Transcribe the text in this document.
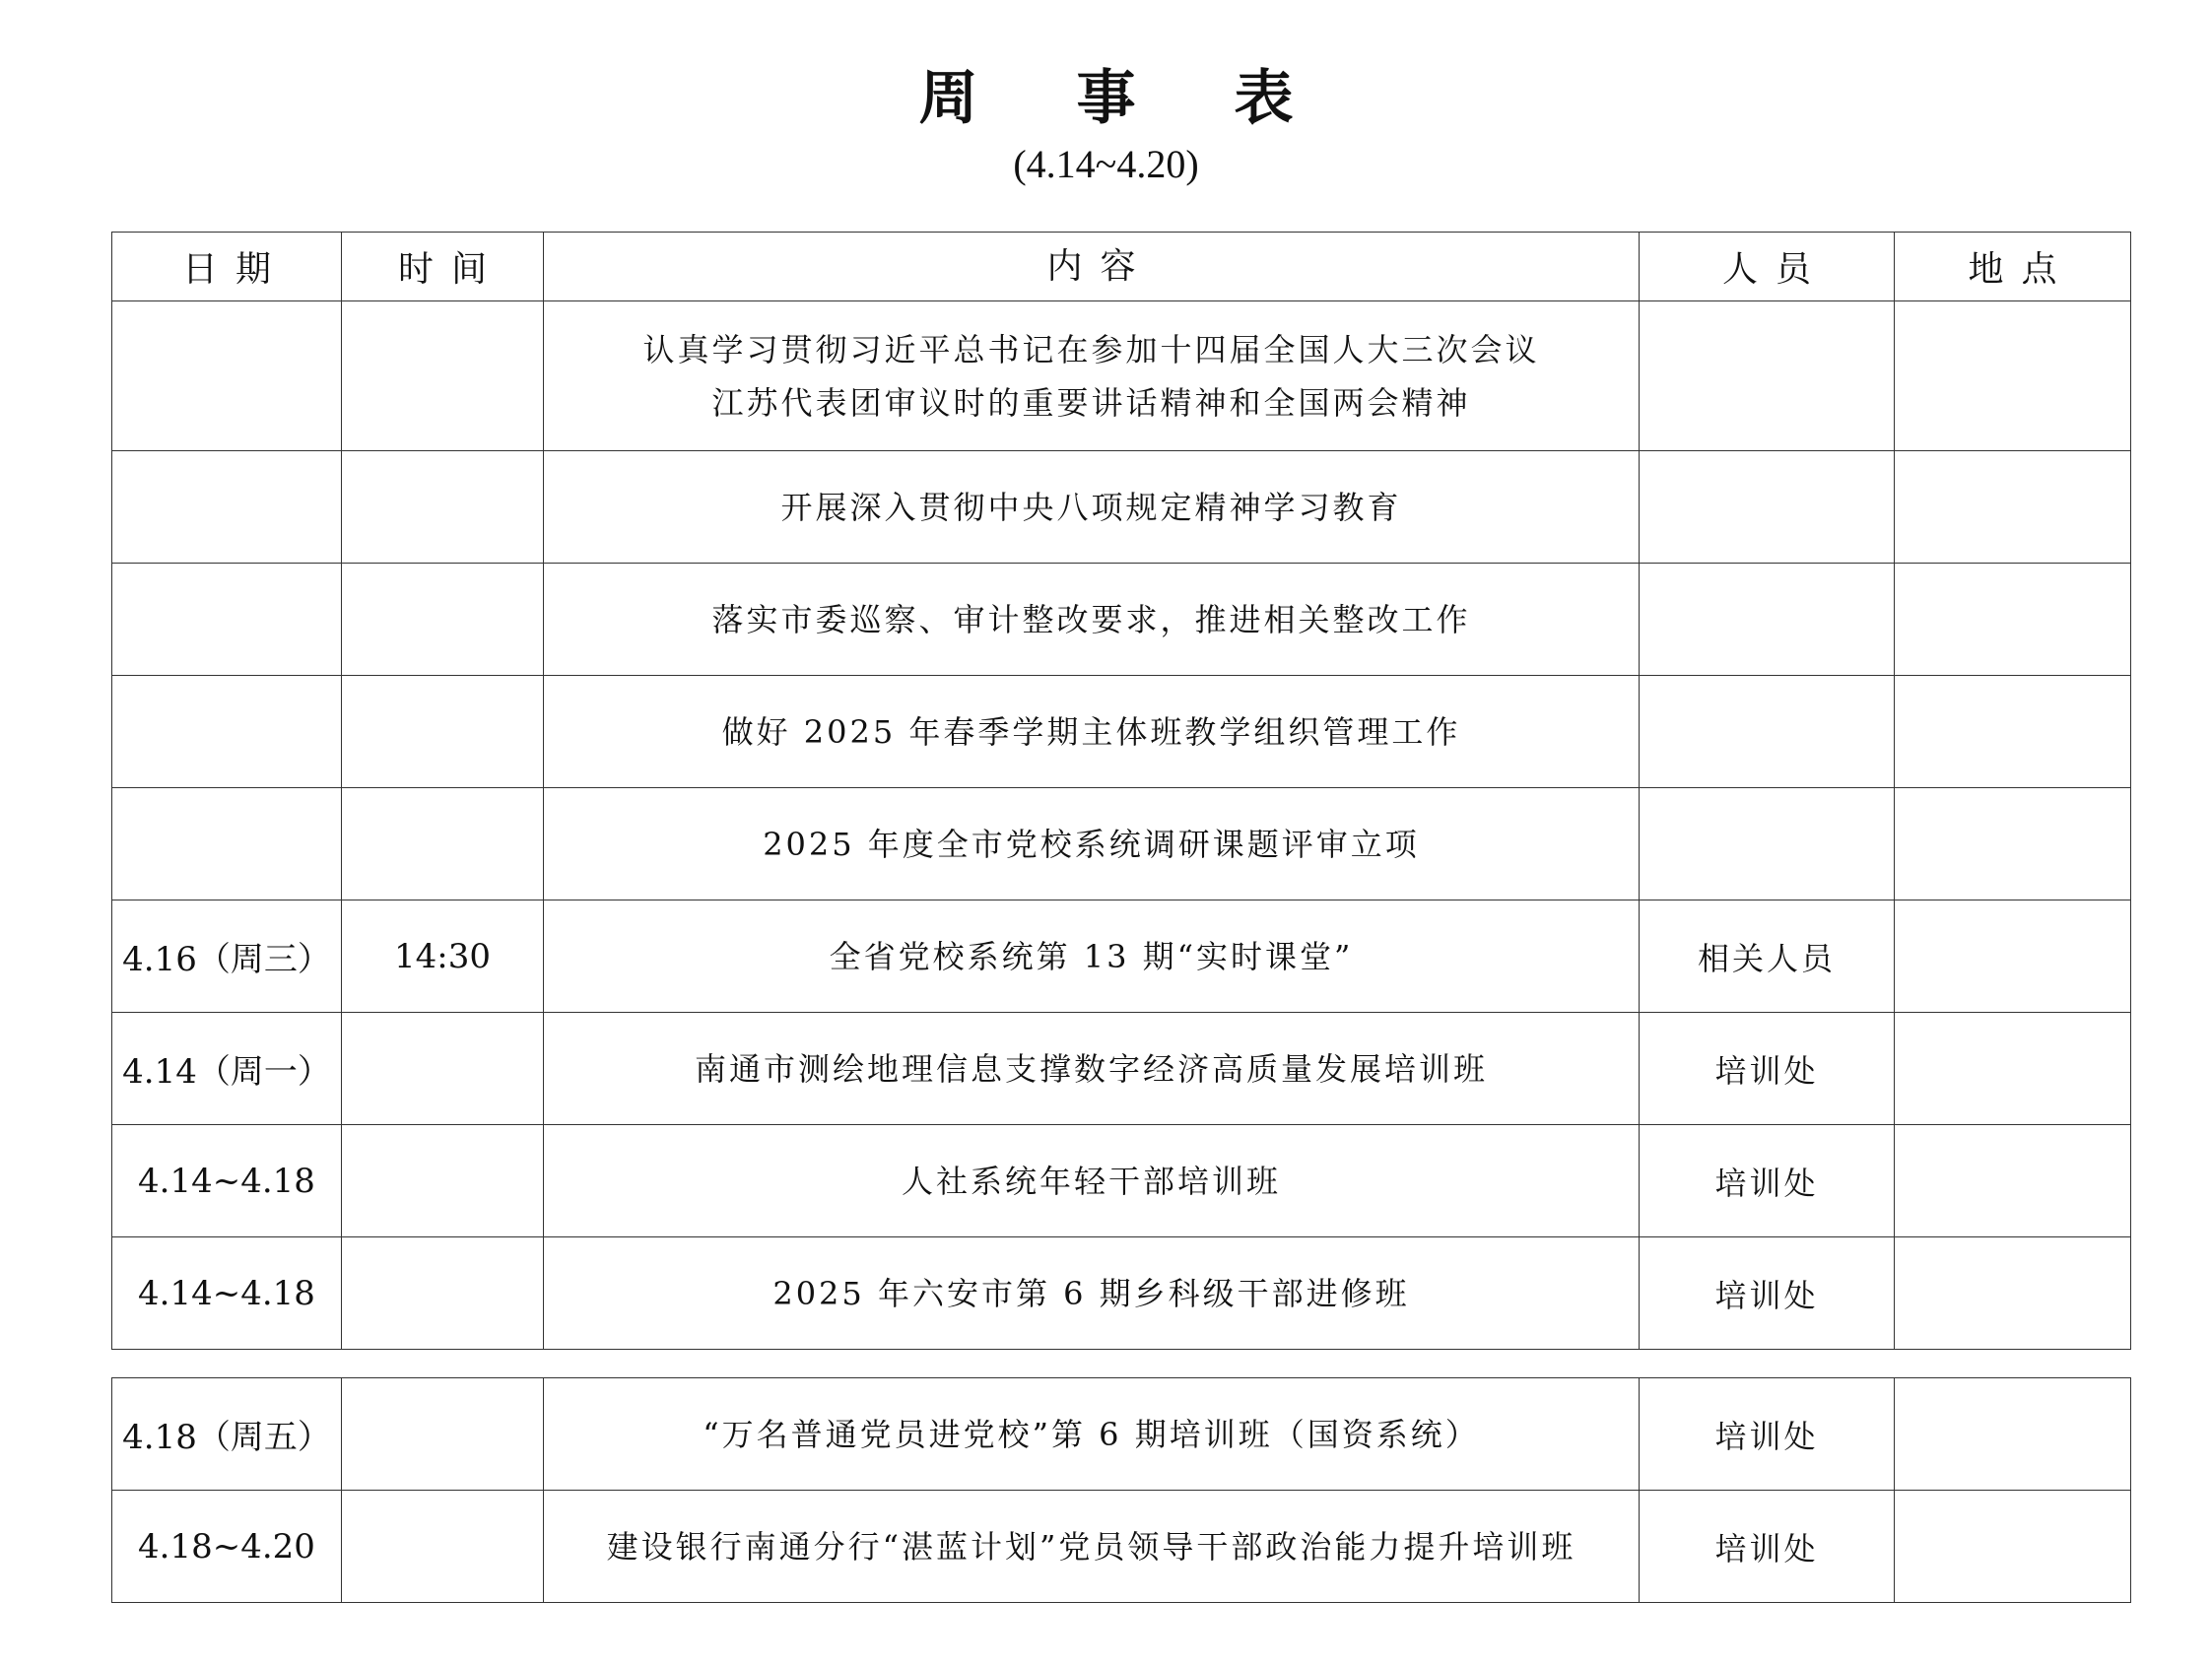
周事表
(4.14~4.20)
日期	时间	内容	人员	地点

		认真学习贯彻习近平总书记在参加十四届全国人大三次会议
江苏代表团审议时的重要讲话精神和全国两会精神		

		开展深入贯彻中央八项规定精神学习教育		
		落实市委巡察、审计整改要求，推进相关整改工作		
		做好 2025 年春季学期主体班教学组织管理工作		
		2025 年度全市党校系统调研课题评审立项		
4.16（周三）	14:30	全省党校系统第 13 期“实时课堂”	相关人员	
4.14（周一）		南通市测绘地理信息支撑数字经济高质量发展培训班	培训处	
4.14~4.18		人社系统年轻干部培训班	培训处	
4.14~4.18		2025 年六安市第 6 期乡科级干部进修班	培训处	
4.18（周五）		“万名普通党员进党校”第 6 期培训班（国资系统）	培训处	
4.18~4.20		建设银行南通分行“湛蓝计划”党员领导干部政治能力提升培训班	培训处	
